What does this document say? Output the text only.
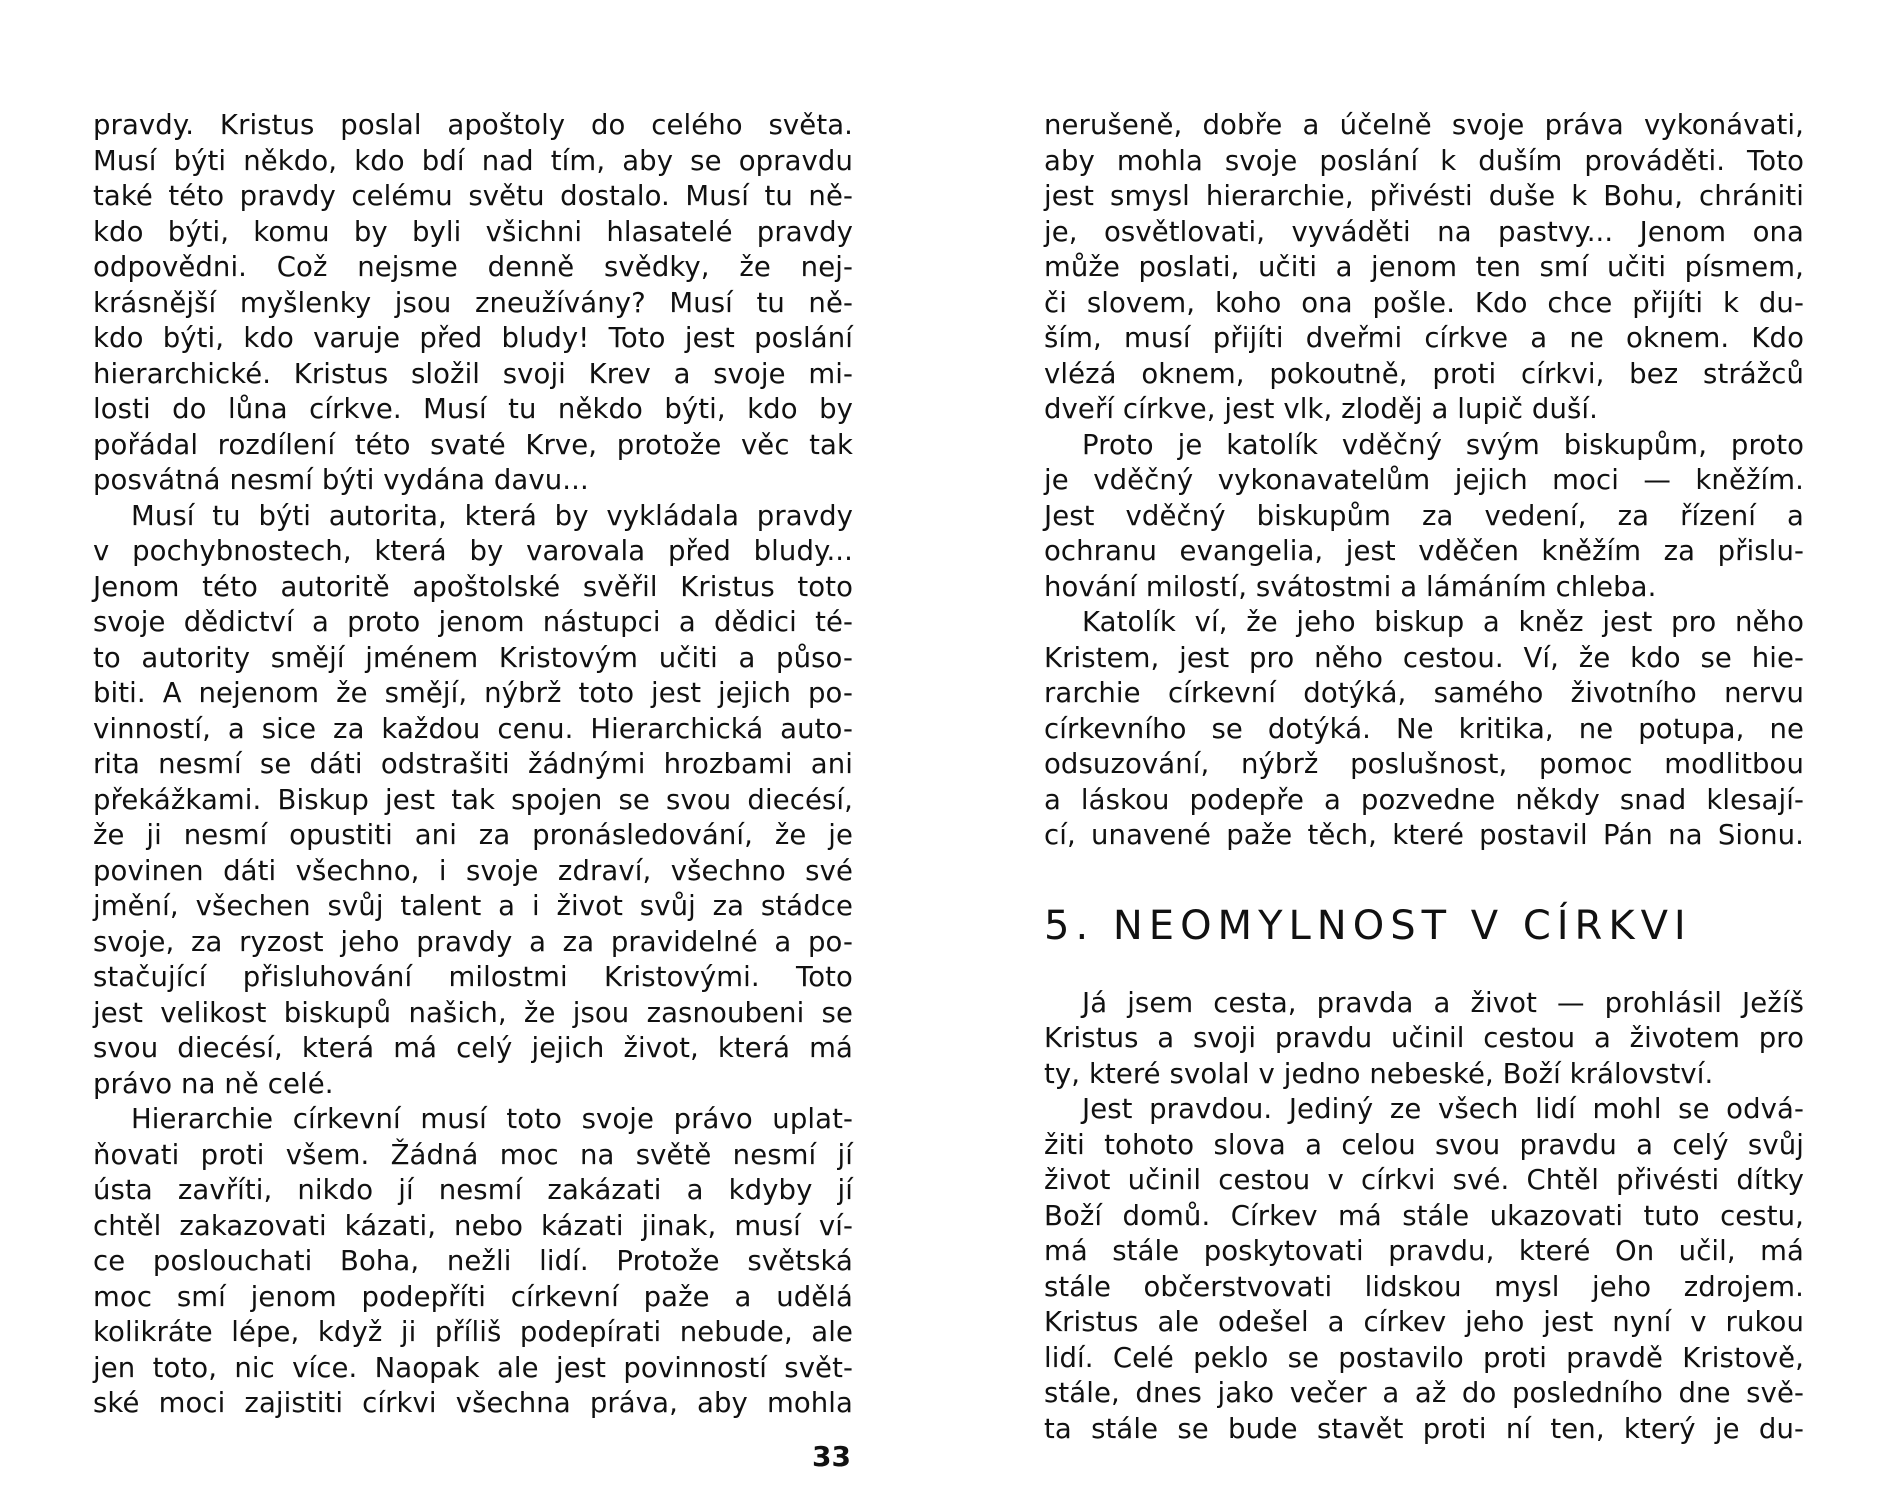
pravdy. Kristus poslal apoštoly do celého světa.
Musí býti někdo, kdo bdí nad tím, aby se opravdu
také této pravdy celému světu dostalo. Musí tu ně-
kdo býti, komu by byli všichni hlasatelé pravdy
odpovědni. Což nejsme denně svědky, že nej-
krásnější myšlenky jsou zneužívány? Musí tu ně-
kdo býti, kdo varuje před bludy! Toto jest poslání
hierarchické. Kristus složil svoji Krev a svoje mi-
losti do lůna církve. Musí tu někdo býti, kdo by
pořádal rozdílení této svaté Krve, protože věc tak
posvátná nesmí býti vydána davu...
Musí tu býti autorita, která by vykládala pravdy
v pochybnostech, která by varovala před bludy...
Jenom této autoritě apoštolské svěřil Kristus toto
svoje dědictví a proto jenom nástupci a dědici té-
to autority smějí jménem Kristovým učiti a půso-
biti. A nejenom že smějí, nýbrž toto jest jejich po-
vinností, a sice za každou cenu. Hierarchická auto-
rita nesmí se dáti odstrašiti žádnými hrozbami ani
překážkami. Biskup jest tak spojen se svou diecésí,
že ji nesmí opustiti ani za pronásledování, že je
povinen dáti všechno, i svoje zdraví, všechno své
jmění, všechen svůj talent a i život svůj za stádce
svoje, za ryzost jeho pravdy a za pravidelné a po-
stačující přisluhování milostmi Kristovými. Toto
jest velikost biskupů našich, že jsou zasnoubeni se
svou diecésí, která má celý jejich život, která má
právo na ně celé.
Hierarchie církevní musí toto svoje právo uplat-
ňovati proti všem. Žádná moc na světě nesmí jí
ústa zavříti, nikdo jí nesmí zakázati a kdyby jí
chtěl zakazovati kázati, nebo kázati jinak, musí ví-
ce poslouchati Boha, nežli lidí. Protože světská
moc smí jenom podepříti církevní paže a udělá
kolikráte lépe, když ji příliš podepírati nebude, ale
jen toto, nic více. Naopak ale jest povinností svět-
ské moci zajistiti církvi všechna práva, aby mohla
nerušeně, dobře a účelně svoje práva vykonávati,
aby mohla svoje poslání k duším prováděti. Toto
jest smysl hierarchie, přivésti duše k Bohu, chrániti
je, osvětlovati, vyváděti na pastvy... Jenom ona
může poslati, učiti a jenom ten smí učiti písmem,
či slovem, koho ona pošle. Kdo chce přijíti k du-
ším, musí přijíti dveřmi církve a ne oknem. Kdo
vlézá oknem, pokoutně, proti církvi, bez strážců
dveří církve, jest vlk, zloděj a lupič duší.
Proto je katolík vděčný svým biskupům, proto
je vděčný vykonavatelům jejich moci — kněžím.
Jest vděčný biskupům za vedení, za řízení a
ochranu evangelia, jest vděčen kněžím za přislu-
hování milostí, svátostmi a lámáním chleba.
Katolík ví, že jeho biskup a kněz jest pro něho
Kristem, jest pro něho cestou. Ví, že kdo se hie-
rarchie církevní dotýká, samého životního nervu
církevního se dotýká. Ne kritika, ne potupa, ne
odsuzování, nýbrž poslušnost, pomoc modlitbou
a láskou podepře a pozvedne někdy snad klesají-
cí, unavené paže těch, které postavil Pán na Sionu.
5. NEOMYLNOST V CÍRKVI
Já jsem cesta, pravda a život — prohlásil Ježíš
Kristus a svoji pravdu učinil cestou a životem pro
ty, které svolal v jedno nebeské, Boží království.
Jest pravdou. Jediný ze všech lidí mohl se odvá-
žiti tohoto slova a celou svou pravdu a celý svůj
život učinil cestou v církvi své. Chtěl přivésti dítky
Boží domů. Církev má stále ukazovati tuto cestu,
má stále poskytovati pravdu, které On učil, má
stále občerstvovati lidskou mysl jeho zdrojem.
Kristus ale odešel a církev jeho jest nyní v rukou
lidí. Celé peklo se postavilo proti pravdě Kristově,
stále, dnes jako večer a až do posledního dne svě-
ta stále se bude stavět proti ní ten, který je du-
33
